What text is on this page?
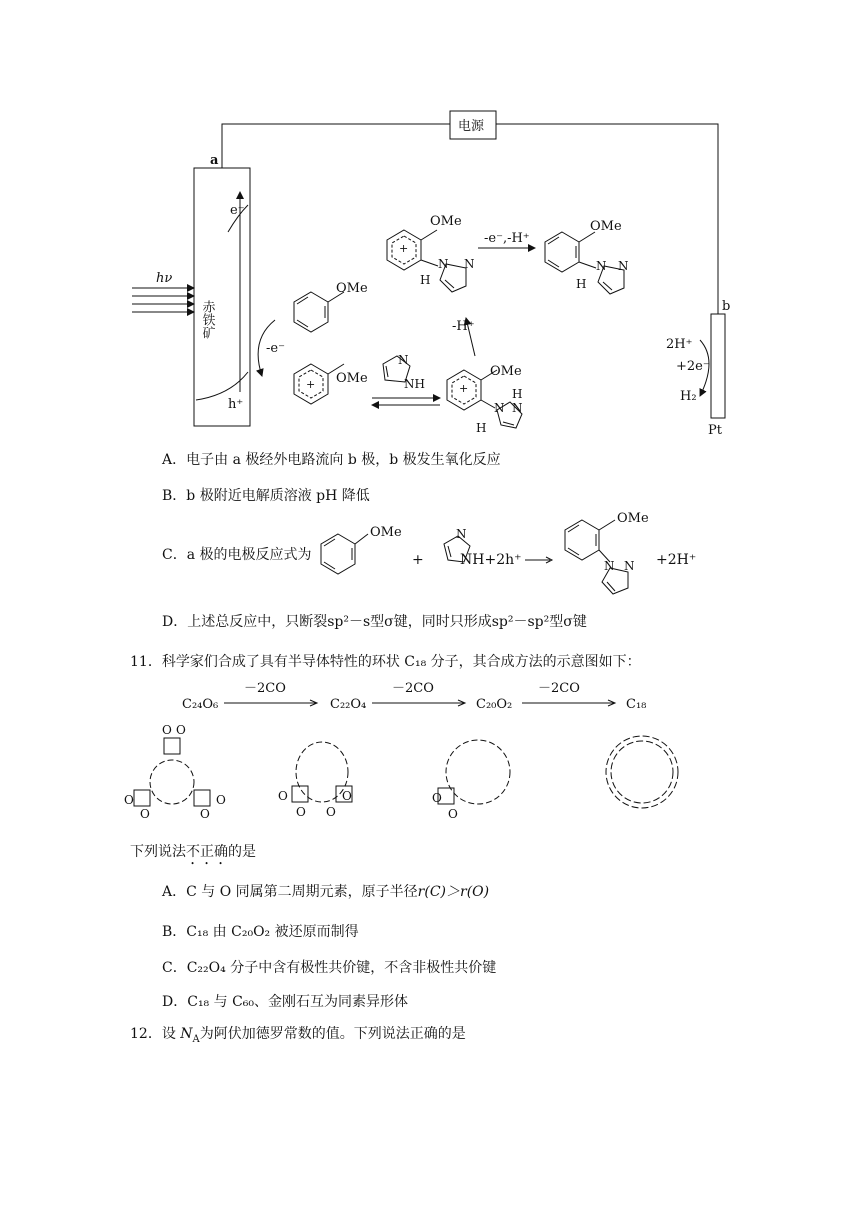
电源
a
b
hν
赤铁矿
e⁻
h⁺
-e⁻
OMe
OMe
+
N
NH
OMe
+
H
H
N N
-H⁺
OMe
+
H
N N
-e⁻,-H⁺
OMe
H
N N
2H⁺
+2e⁻
H₂
Pt
A．电子由 a 极经外电路流向 b 极，b 极发生氧化反应
B．b 极附近电解质溶液 pH 降低
C．a 极的电极反应式为
OMe
+
N
NH+2h⁺
OMe
N N +2H⁺
D．上述总反应中，只断裂sp²－s型σ键，同时只形成sp²－sp²型σ键
11．科学家们合成了具有半导体特性的环状 C₁₈ 分子，其合成方法的示意图如下：
C₂₄O₆	C₂₂O₄	C₂₀O₂	C₁₈
－2CO	－2CO	－2CO
O O
O
O
O
O
O
O
O
O
O
O
下列说法不正确的是
A．C 与 O 同属第二周期元素，原子半径r(C)＞r(O)
B．C₁₈ 由 C₂₀O₂ 被还原而制得
C．C₂₂O₄ 分子中含有极性共价键，不含非极性共价键
D．C₁₈ 与 C₆₀、金刚石互为同素异形体
12．设 $N_A$为阿伏加德罗常数的值。下列说法正确的是
